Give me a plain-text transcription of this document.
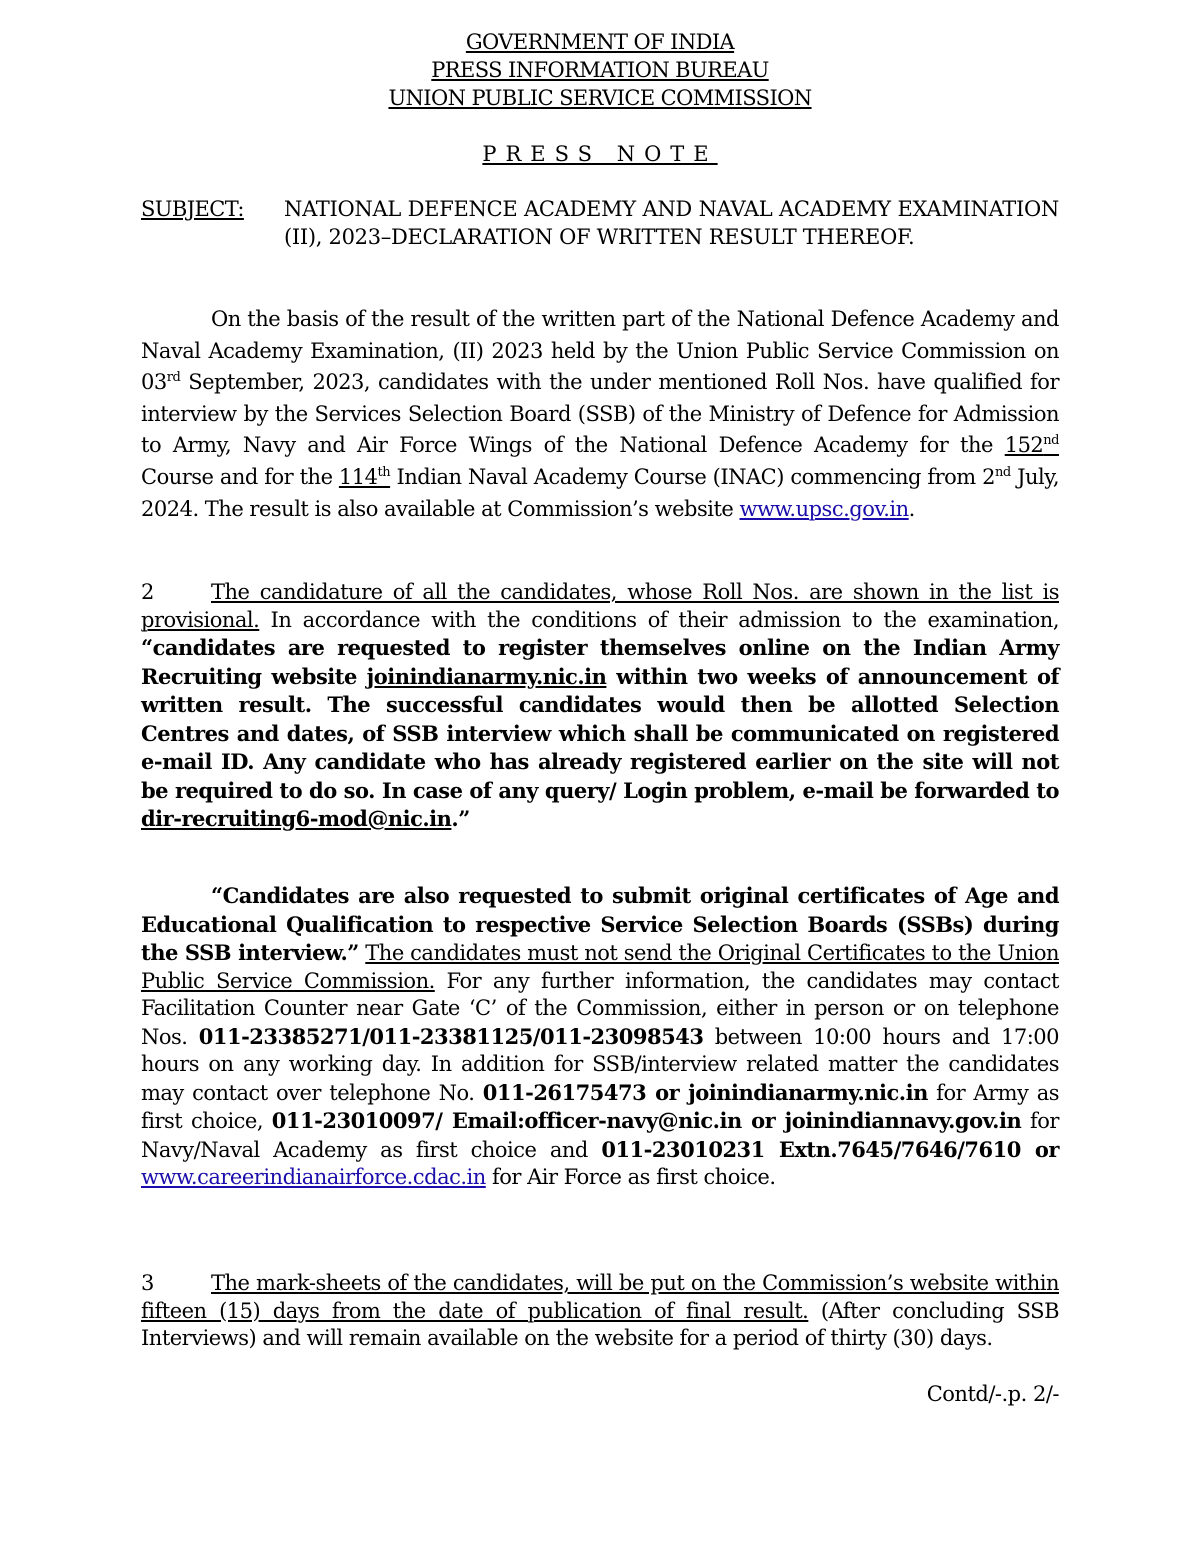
GOVERNMENT OF INDIA
PRESS INFORMATION BUREAU
UNION PUBLIC SERVICE COMMISSION
PRESS NOTE
SUBJECT: NATIONAL DEFENCE ACADEMY AND NAVAL ACADEMY EXAMINATION (II), 2023–DECLARATION OF WRITTEN RESULT THEREOF.
On the basis of the result of the written part of the National Defence Academy and Naval Academy Examination, (II) 2023 held by the Union Public Service Commission on 03rd September, 2023, candidates with the under mentioned Roll Nos. have qualified for interview by the Services Selection Board (SSB) of the Ministry of Defence for Admission to Army, Navy and Air Force Wings of the National Defence Academy for the 152nd Course and for the 114th Indian Naval Academy Course (INAC) commencing from 2nd July, 2024. The result is also available at Commission’s website www.upsc.gov.in.
2	The candidature of all the candidates, whose Roll Nos. are shown in the list is provisional. In accordance with the conditions of their admission to the examination, “candidates are requested to register themselves online on the Indian Army Recruiting website joinindianarmy.nic.in within two weeks of announcement of written result. The successful candidates would then be allotted Selection Centres and dates, of SSB interview which shall be communicated on registered e-mail ID. Any candidate who has already registered earlier on the site will not be required to do so. In case of any query/ Login problem, e-mail be forwarded to dir-recruiting6-mod@nic.in.”
“Candidates are also requested to submit original certificates of Age and Educational Qualification to respective Service Selection Boards (SSBs) during the SSB interview.” The candidates must not send the Original Certificates to the Union Public Service Commission. For any further information, the candidates may contact Facilitation Counter near Gate ‘C’ of the Commission, either in person or on telephone Nos. 011-23385271/011-23381125/011-23098543 between 10:00 hours and 17:00 hours on any working day. In addition for SSB/interview related matter the candidates may contact over telephone No. 011-26175473 or joinindianarmy.nic.in for Army as first choice, 011-23010097/ Email:officer-navy@nic.in or joinindiannavy.gov.in for Navy/Naval Academy as first choice and 011-23010231 Extn.7645/7646/7610 or www.careerindianairforce.cdac.in for Air Force as first choice.
3	The mark-sheets of the candidates, will be put on the Commission’s website within fifteen (15) days from the date of publication of final result. (After concluding SSB Interviews) and will remain available on the website for a period of thirty (30) days.
Contd/-.p. 2/-
